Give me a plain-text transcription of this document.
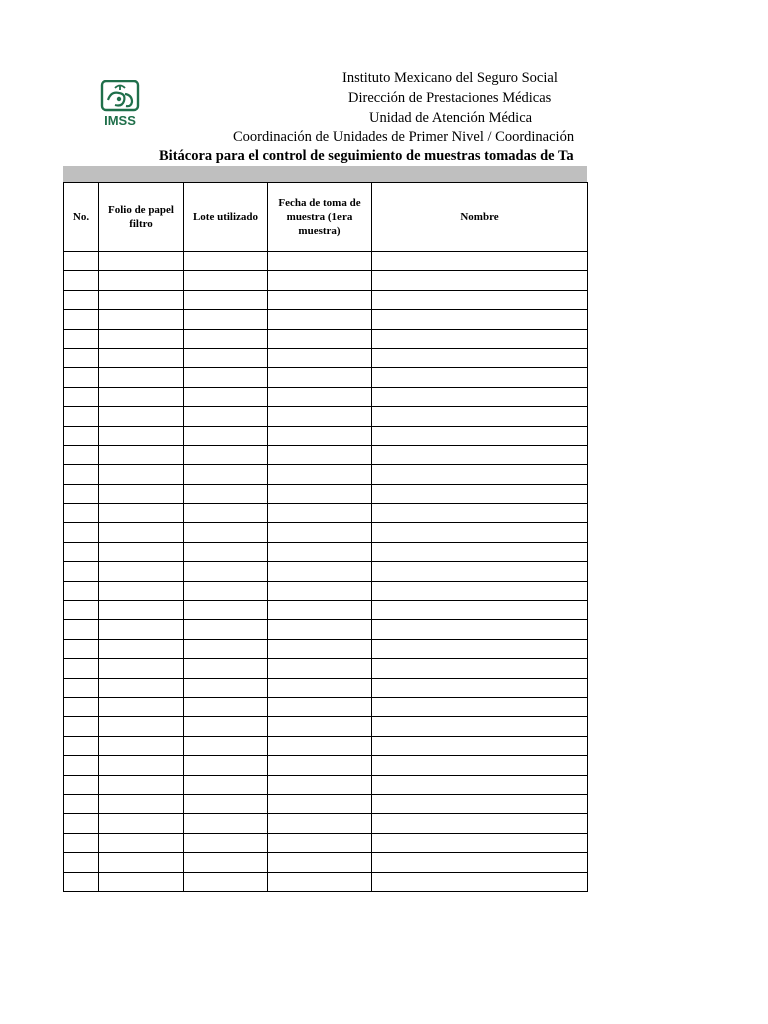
IMSS
Instituto Mexicano del Seguro Social
Dirección de Prestaciones Médicas
Unidad de Atención Médica
Coordinación de Unidades de Primer Nivel / Coordinación
Bitácora para el control de seguimiento de muestras tomadas de Ta
No.	Folio de papel filtro	Lote utilizado	Fecha de toma de muestra (1era muestra)	Nombre
